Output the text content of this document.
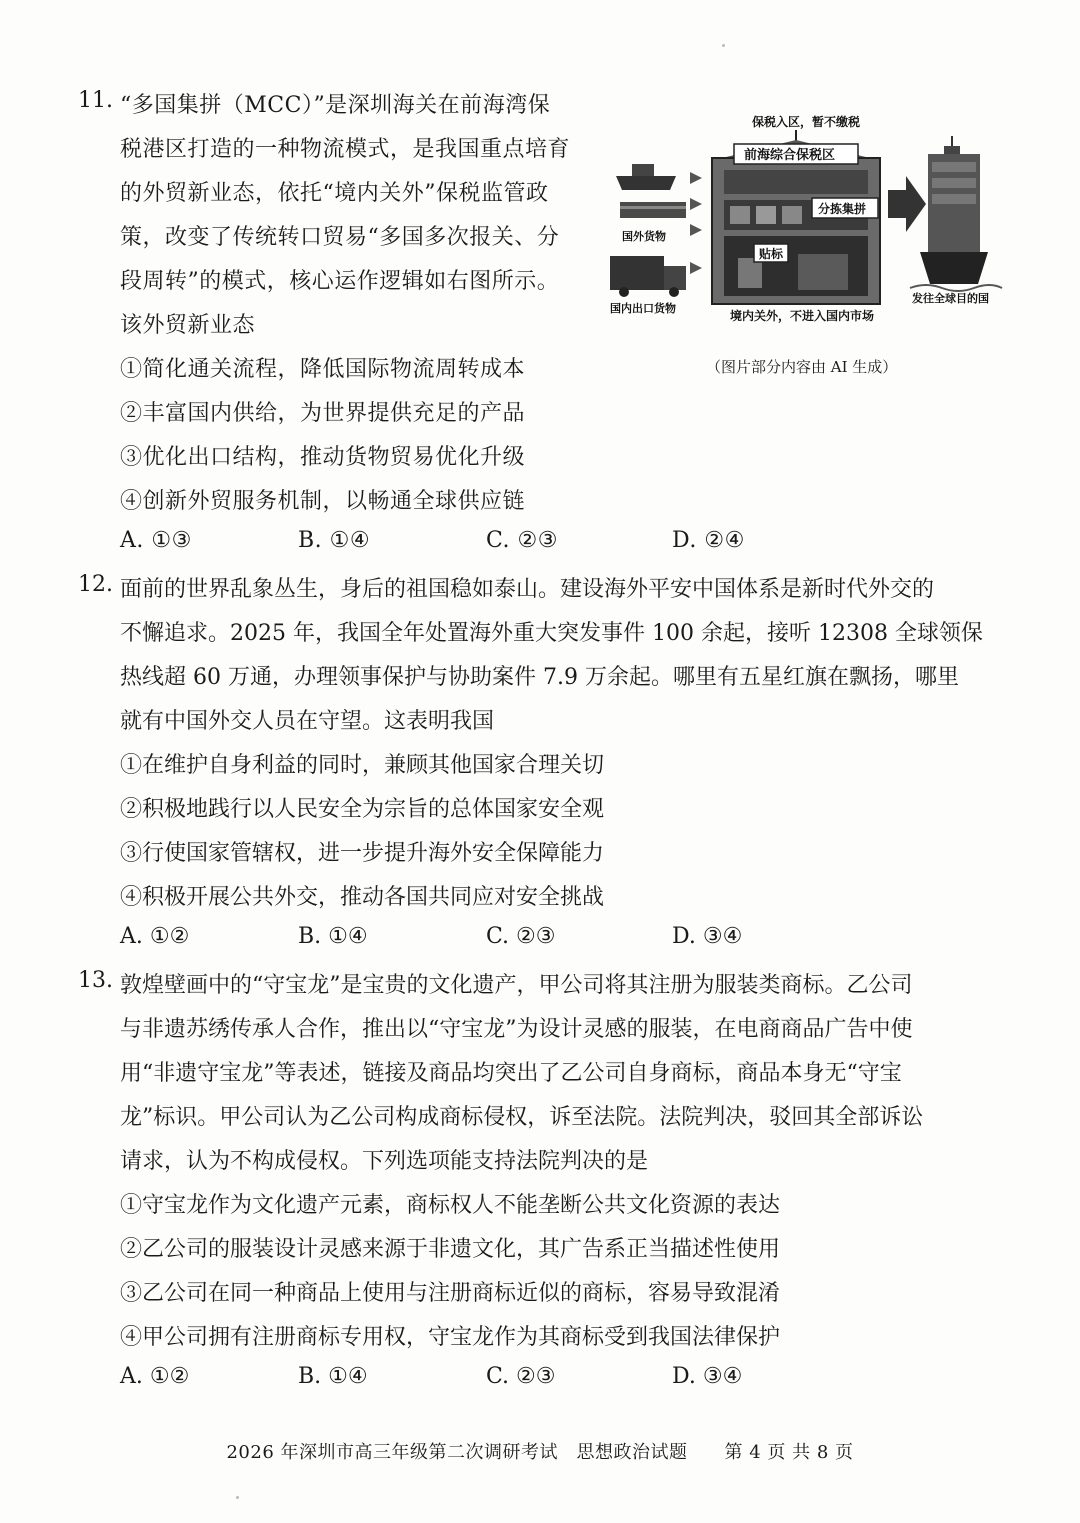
11. “多国集拼（MCC）”是深圳海关在前海湾保
税港区打造的一种物流模式，是我国重点培育
的外贸新业态，依托“境内关外”保税监管政
策，改变了传统转口贸易“多国多次报关、分
段周转”的模式，核心运作逻辑如右图所示。
该外贸新业态
①简化通关流程，降低国际物流周转成本
②丰富国内供给，为世界提供充足的产品
③优化出口结构，推动货物贸易优化升级
④创新外贸服务机制，以畅通全球供应链
A. ①③	B. ①④	C. ②③	D. ②④
保税入区，暂不缴税
前海综合保税区
分拣集拼
贴标
境内关外，不进入国内市场
国外货物
国内出口货物
发往全球目的国
（图片部分内容由 AI 生成）
12. 面前的世界乱象丛生，身后的祖国稳如泰山。建设海外平安中国体系是新时代外交的
不懈追求。2025 年，我国全年处置海外重大突发事件 100 余起，接听 12308 全球领保
热线超 60 万通，办理领事保护与协助案件 7.9 万余起。哪里有五星红旗在飘扬，哪里
就有中国外交人员在守望。这表明我国
①在维护自身利益的同时，兼顾其他国家合理关切
②积极地践行以人民安全为宗旨的总体国家安全观
③行使国家管辖权，进一步提升海外安全保障能力
④积极开展公共外交，推动各国共同应对安全挑战
A. ①②	B. ①④	C. ②③	D. ③④
13. 敦煌壁画中的“守宝龙”是宝贵的文化遗产，甲公司将其注册为服装类商标。乙公司
与非遗苏绣传承人合作，推出以“守宝龙”为设计灵感的服装，在电商商品广告中使
用“非遗守宝龙”等表述，链接及商品均突出了乙公司自身商标，商品本身无“守宝
龙”标识。甲公司认为乙公司构成商标侵权，诉至法院。法院判决，驳回其全部诉讼
请求，认为不构成侵权。下列选项能支持法院判决的是
①守宝龙作为文化遗产元素，商标权人不能垄断公共文化资源的表达
②乙公司的服装设计灵感来源于非遗文化，其广告系正当描述性使用
③乙公司在同一种商品上使用与注册商标近似的商标，容易导致混淆
④甲公司拥有注册商标专用权，守宝龙作为其商标受到我国法律保护
A. ①②	B. ①④	C. ②③	D. ③④
2026 年深圳市高三年级第二次调研考试　思想政治试题　　第 4 页 共 8 页
